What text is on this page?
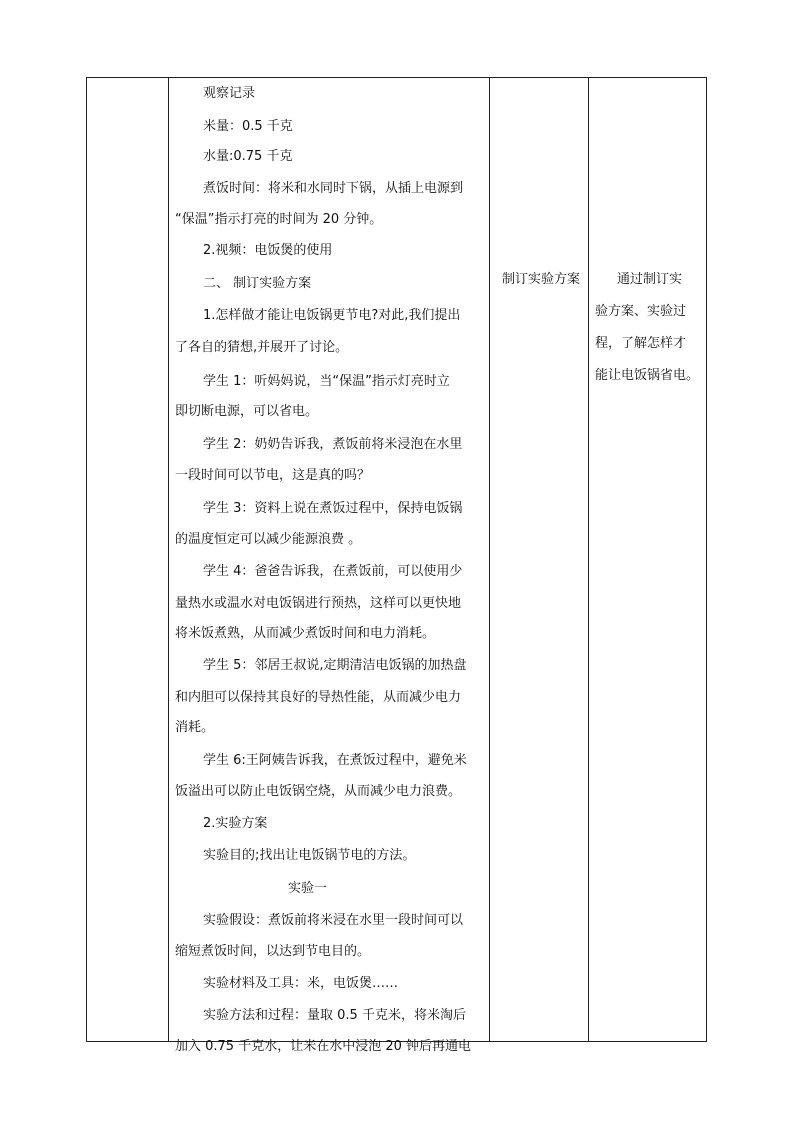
观察记录
米量：0.5 千克
水量:0.75 千克
煮饭时间：将米和水同时下锅，从插上电源到
“保温”指示打亮的时间为 20 分钟。
2.视频：电饭煲的使用
二、 制订实验方案
1.怎样做才能让电饭锅更节电?对此,我们提出
了各自的猜想,并展开了讨论。
学生 1：听妈妈说，当“保温”指示灯亮时立
即切断电源，可以省电。
学生 2：奶奶告诉我，煮饭前将米浸泡在水里
一段时间可以节电，这是真的吗？
学生 3：资料上说在煮饭过程中，保持电饭锅
的温度恒定可以减少能源浪费 。
学生 4：爸爸告诉我，在煮饭前，可以使用少
量热水或温水对电饭锅进行预热，这样可以更快地
将米饭煮熟，从而减少煮饭时间和电力消耗。
学生 5：邻居王叔说,定期清洁电饭锅的加热盘
和内胆可以保持其良好的导热性能，从而减少电力
消耗。
学生 6:王阿姨告诉我，在煮饭过程中，避免米
饭溢出可以防止电饭锅空烧，从而减少电力浪费。
2.实验方案
实验目的;找出让电饭锅节电的方法。
实验一
实验假设：煮饭前将米浸在水里一段时间可以
缩短煮饭时间，以达到节电目的。
实验材料及工具：米，电饭煲……
实验方法和过程：量取 0.5 千克米，将米淘后
加入 0.75 千克水，让米在水中浸泡 20 钟后再通电
制订实验方案	通过制订实
验方案、实验过
程，了解怎样才
能让电饭锅省电。
